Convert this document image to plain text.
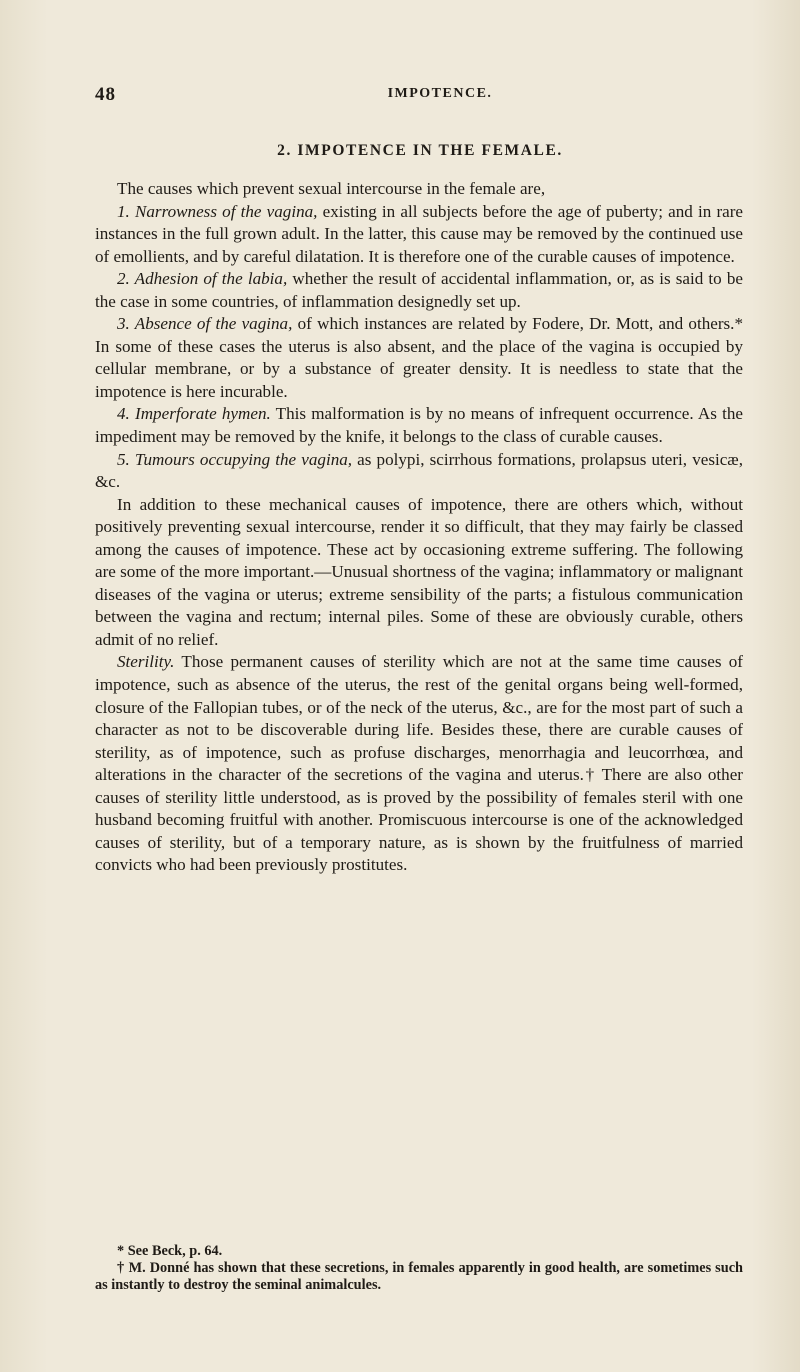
48	IMPOTENCE.
2. IMPOTENCE IN THE FEMALE.

The causes which prevent sexual intercourse in the female are,

1. Narrowness of the vagina, existing in all subjects before the age of puberty; and in rare instances in the full grown adult. In the latter, this cause may be removed by the continued use of emollients, and by careful dilatation. It is therefore one of the curable causes of impotence.

2. Adhesion of the labia, whether the result of accidental inflammation, or, as is said to be the case in some countries, of inflammation designedly set up.

3. Absence of the vagina, of which instances are related by Fodere, Dr. Mott, and others.* In some of these cases the uterus is also absent, and the place of the vagina is occupied by cellular membrane, or by a substance of greater density. It is needless to state that the impotence is here incurable.

4. Imperforate hymen. This malformation is by no means of infrequent occurrence. As the impediment may be removed by the knife, it belongs to the class of curable causes.

5. Tumours occupying the vagina, as polypi, scirrhous formations, prolapsus uteri, vesicæ, &c.

In addition to these mechanical causes of impotence, there are others which, without positively preventing sexual intercourse, render it so difficult, that they may fairly be classed among the causes of impotence. These act by occasioning extreme suffering. The following are some of the more important.—Unusual shortness of the vagina; inflammatory or malignant diseases of the vagina or uterus; extreme sensibility of the parts; a fistulous communication between the vagina and rectum; internal piles. Some of these are obviously curable, others admit of no relief.

Sterility. Those permanent causes of sterility which are not at the same time causes of impotence, such as absence of the uterus, the rest of the genital organs being well-formed, closure of the Fallopian tubes, or of the neck of the uterus, &c., are for the most part of such a character as not to be discoverable during life. Besides these, there are curable causes of sterility, as of impotence, such as profuse discharges, menorrhagia and leucorrhœa, and alterations in the character of the secretions of the vagina and uterus.† There are also other causes of sterility little understood, as is proved by the possibility of females steril with one husband becoming fruitful with another. Promiscuous intercourse is one of the acknowledged causes of sterility, but of a temporary nature, as is shown by the fruitfulness of married convicts who had been previously prostitutes.

* See Beck, p. 64.

† M. Donné has shown that these secretions, in females apparently in good health, are sometimes such as instantly to destroy the seminal animalcules.
